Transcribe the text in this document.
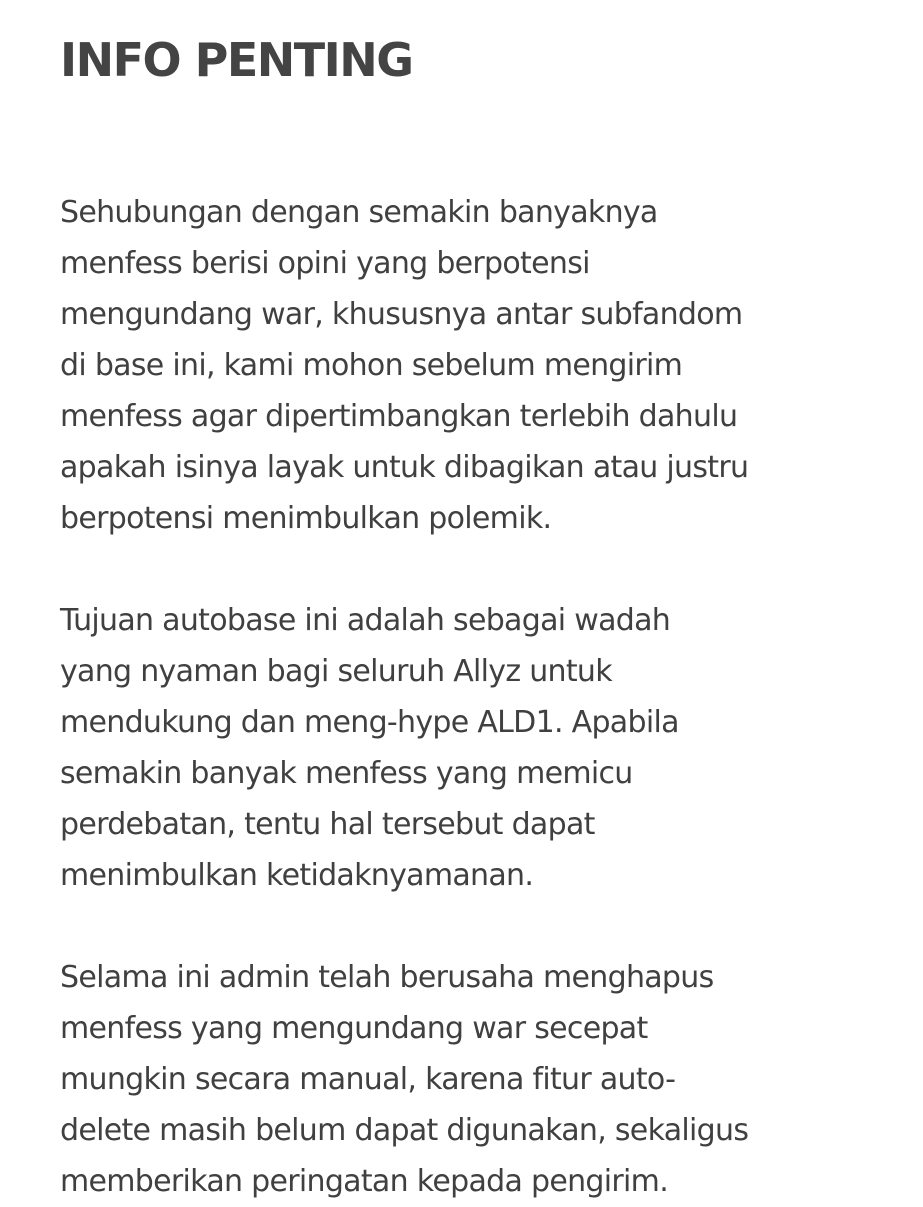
INFO PENTING
Sehubungan dengan semakin banyaknya
menfess berisi opini yang berpotensi
mengundang war, khususnya antar subfandom
di base ini, kami mohon sebelum mengirim
menfess agar dipertimbangkan terlebih dahulu
apakah isinya layak untuk dibagikan atau justru
berpotensi menimbulkan polemik.
Tujuan autobase ini adalah sebagai wadah
yang nyaman bagi seluruh Allyz untuk
mendukung dan meng-hype ALD1. Apabila
semakin banyak menfess yang memicu
perdebatan, tentu hal tersebut dapat
menimbulkan ketidaknyamanan.
Selama ini admin telah berusaha menghapus
menfess yang mengundang war secepat
mungkin secara manual, karena fitur auto-
delete masih belum dapat digunakan, sekaligus
memberikan peringatan kepada pengirim.
